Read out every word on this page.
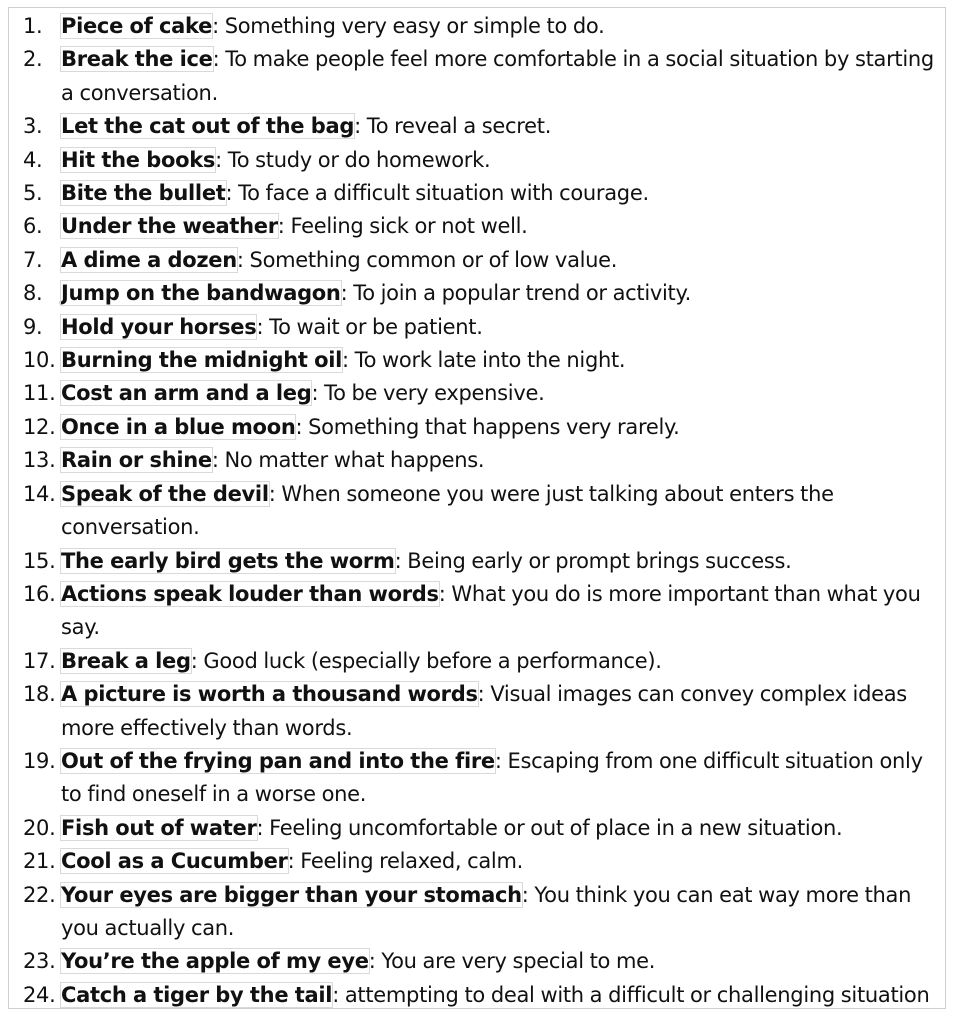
1. Piece of cake: Something very easy or simple to do.
2. Break the ice: To make people feel more comfortable in a social situation by starting a conversation.
3. Let the cat out of the bag: To reveal a secret.
4. Hit the books: To study or do homework.
5. Bite the bullet: To face a difficult situation with courage.
6. Under the weather: Feeling sick or not well.
7. A dime a dozen: Something common or of low value.
8. Jump on the bandwagon: To join a popular trend or activity.
9. Hold your horses: To wait or be patient.
10. Burning the midnight oil: To work late into the night.
11. Cost an arm and a leg: To be very expensive.
12. Once in a blue moon: Something that happens very rarely.
13. Rain or shine: No matter what happens.
14. Speak of the devil: When someone you were just talking about enters the conversation.
15. The early bird gets the worm: Being early or prompt brings success.
16. Actions speak louder than words: What you do is more important than what you say.
17. Break a leg: Good luck (especially before a performance).
18. A picture is worth a thousand words: Visual images can convey complex ideas more effectively than words.
19. Out of the frying pan and into the fire: Escaping from one difficult situation only to find oneself in a worse one.
20. Fish out of water: Feeling uncomfortable or out of place in a new situation.
21. Cool as a Cucumber: Feeling relaxed, calm.
22. Your eyes are bigger than your stomach: You think you can eat way more than you actually can.
23. You’re the apple of my eye: You are very special to me.
24. Catch a tiger by the tail: attempting to deal with a difficult or challenging situation
